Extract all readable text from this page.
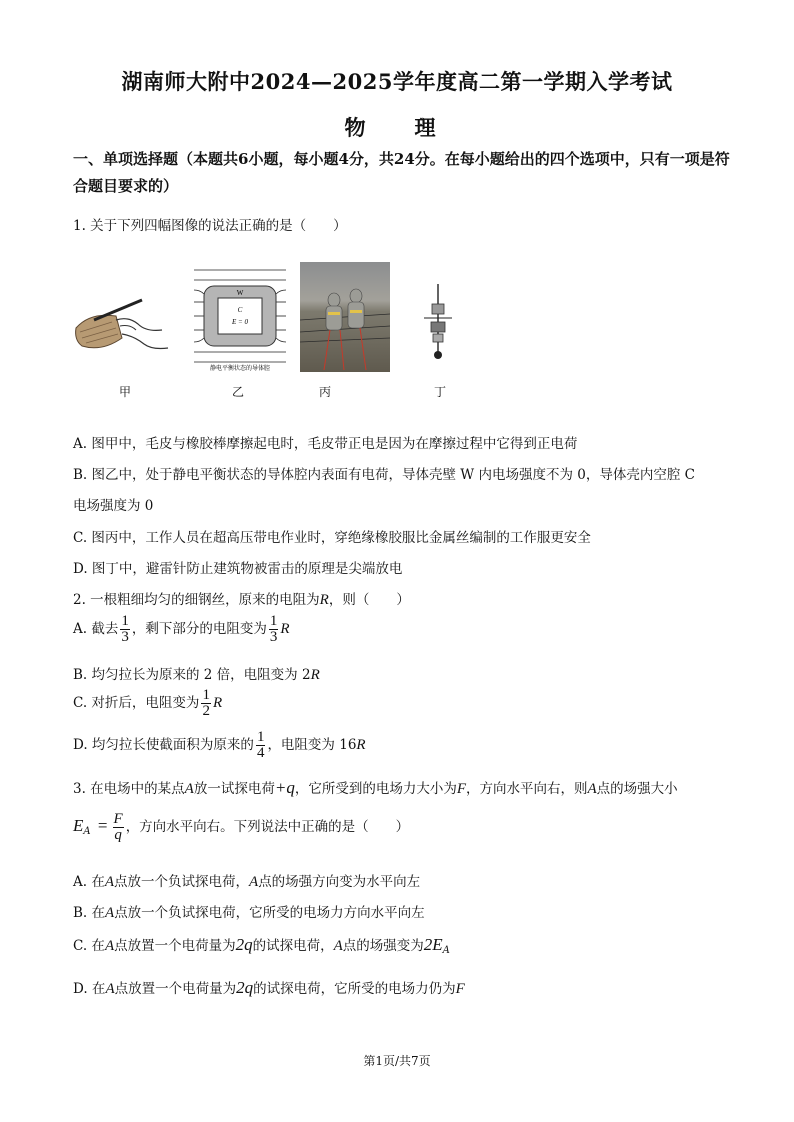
湖南师大附中2024—2025学年度高二第一学期入学考试
物　理
一、单项选择题（本题共6小题，每小题4分，共24分。在每小题给出的四个选项中，只有一项是符合题目要求的）
1. 关于下列四幅图像的说法正确的是（　　）
W
C
E = 0
静电平衡状态的导体腔
甲	乙	丙	丁
A. 图甲中，毛皮与橡胶棒摩擦起电时，毛皮带正电是因为在摩擦过程中它得到正电荷
B. 图乙中，处于静电平衡状态的导体腔内表面有电荷，导体壳壁 W 内电场强度不为 0，导体壳内空腔 C
电场强度为 0
C. 图丙中，工作人员在超高压带电作业时，穿绝缘橡胶服比金属丝编制的工作服更安全
D. 图丁中，避雷针防止建筑物被雷击的原理是尖端放电
2. 一根粗细均匀的细钢丝，原来的电阻为R，则（　　）
A. 截去 $\frac{1}{3}$ ，剩下部分的电阻变为 $\frac{1}{3}$ R
B. 均匀拉长为原来的 2 倍，电阻变为 2R
C. 对折后，电阻变为 $\frac{1}{2}$ R
D. 均匀拉长使截面积为原来的 $\frac{1}{4}$ ，电阻变为 16R
3. 在电场中的某点A放一试探电荷+q，它所受到的电场力大小为F，方向水平向右，则A点的场强大小
$E_A = \frac{F}{q}$ ，方向水平向右。下列说法中正确的是（　　）
A. 在A点放一个负试探电荷，A点的场强方向变为水平向左
B. 在A点放一个负试探电荷，它所受的电场力方向水平向左
C. 在A点放置一个电荷量为2q的试探电荷，A点的场强变为$2E_A$
D. 在A点放置一个电荷量为2q的试探电荷，它所受的电场力仍为F
第1页/共7页
